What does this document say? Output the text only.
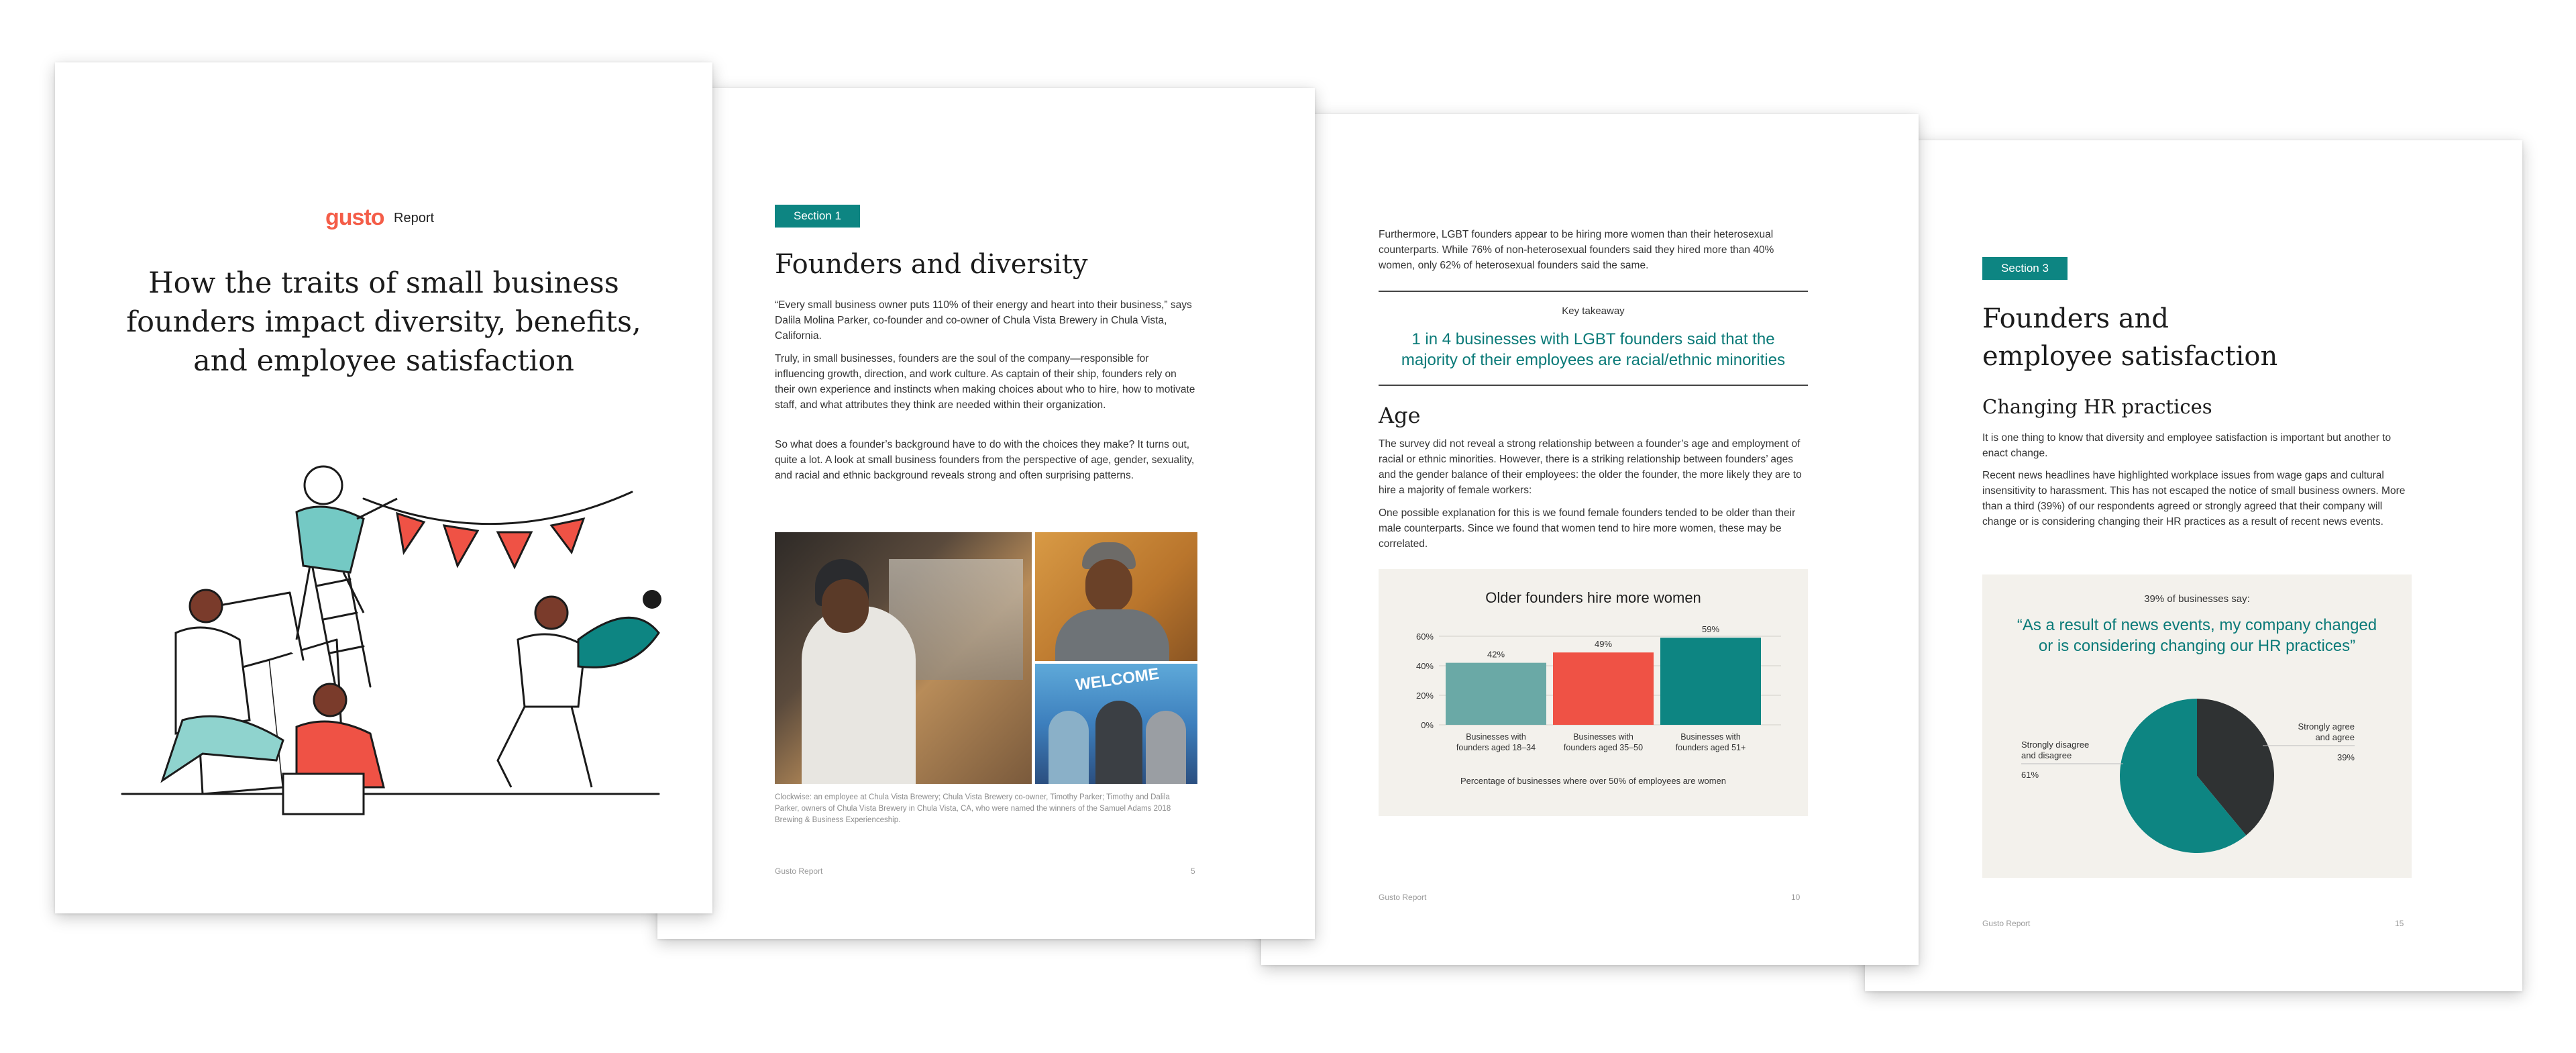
gusto Report
How the traits of small business
founders impact diversity, benefits,
and employee satisfaction
Section 1
Founders and diversity
“Every small business owner puts 110% of their energy and heart into their business,” says Dalila Molina Parker, co-founder and co-owner of Chula Vista Brewery in Chula Vista, California.
Truly, in small businesses, founders are the soul of the company—responsible for influencing growth, direction, and work culture. As captain of their ship, founders rely on their own experience and instincts when making choices about who to hire, how to motivate staff, and what attributes they think are needed within their organization.
So what does a founder’s background have to do with the choices they make? It turns out, quite a lot. A look at small business founders from the perspective of age, gender, sexuality, and racial and ethnic background reveals strong and often surprising patterns.
WELCOME
Clockwise: an employee at Chula Vista Brewery; Chula Vista Brewery co-owner, Timothy Parker; Timothy and Dalila Parker, owners of Chula Vista Brewery in Chula Vista, CA, who were named the winners of the Samuel Adams 2018 Brewing & Business Experienceship.
Gusto Report	5
Furthermore, LGBT founders appear to be hiring more women than their heterosexual counterparts. While 76% of non-heterosexual founders said they hired more than 40% women, only 62% of heterosexual founders said the same.
Key takeaway
1 in 4 businesses with LGBT founders said that the majority of their employees are racial/ethnic minorities
Age
The survey did not reveal a strong relationship between a founder’s age and employment of racial or ethnic minorities. However, there is a striking relationship between founders’ ages and the gender balance of their employees: the older the founder, the more likely they are to hire a majority of female workers:
One possible explanation for this is we found female founders tended to be older than their male counterparts. Since we found that women tend to hire more women, these may be correlated.
Older founders hire more women
0%
20%
40%
60%
42%
Businesses with
founders aged 18–34
49%
Businesses with
founders aged 35–50
59%
Businesses with
founders aged 51+
Percentage of businesses where over 50% of employees are women
Gusto Report	10
Section 3
Founders and
employee satisfaction
Changing HR practices
It is one thing to know that diversity and employee satisfaction is important but another to enact change.
Recent news headlines have highlighted workplace issues from wage gaps and cultural insensitivity to harassment. This has not escaped the notice of small business owners. More than a third (39%) of our respondents agreed or strongly agreed that their company will change or is considering changing their HR practices as a result of recent news events.
39% of businesses say:
“As a result of news events, my company changed or is considering changing our HR practices”
Strongly agree
and agree
39%
Strongly disagree
and disagree
61%
Gusto Report	15
